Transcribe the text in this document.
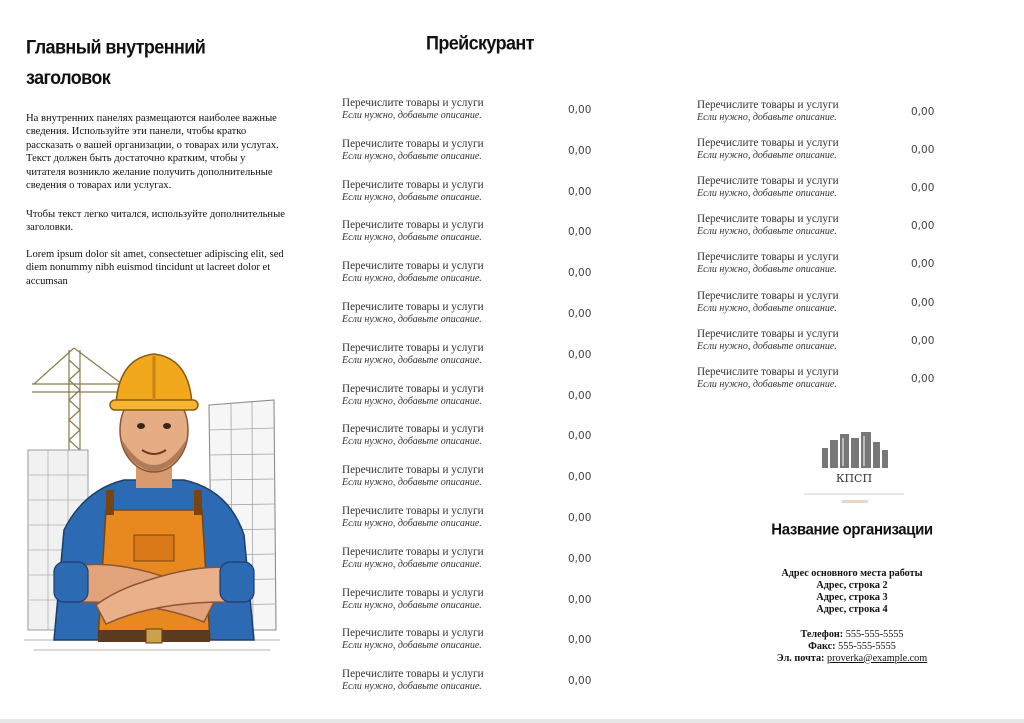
Главный внутренний заголовок
На внутренних панелях размещаются наиболее важные сведения. Используйте эти панели, чтобы кратко рассказать о вашей организации, о товарах или услугах. Текст должен быть достаточно кратким, чтобы у читателя возникло желание получить дополнительные сведения о товарах или услугах.
Чтобы текст легко читался, используйте дополнительные заголовки.
Lorem ipsum dolor sit amet, consectetuer adipiscing elit, sed diem nonummy nibh euismod tincidunt ut lacreet dolor et accumsan
Прейскурант
Перечислите товары и услуги
Если нужно, добавьте описание.	0,00
Перечислите товары и услуги
Если нужно, добавьте описание.	0,00
Перечислите товары и услуги
Если нужно, добавьте описание.	0,00
Перечислите товары и услуги
Если нужно, добавьте описание.	0,00
Перечислите товары и услуги
Если нужно, добавьте описание.	0,00
Перечислите товары и услуги
Если нужно, добавьте описание.	0,00
Перечислите товары и услуги
Если нужно, добавьте описание.	0,00
Перечислите товары и услуги
Если нужно, добавьте описание.	0,00
Перечислите товары и услуги
Если нужно, добавьте описание.	0,00
Перечислите товары и услуги
Если нужно, добавьте описание.	0,00
Перечислите товары и услуги
Если нужно, добавьте описание.	0,00
Перечислите товары и услуги
Если нужно, добавьте описание.	0,00
Перечислите товары и услуги
Если нужно, добавьте описание.	0,00
Перечислите товары и услуги
Если нужно, добавьте описание.	0,00
Перечислите товары и услуги
Если нужно, добавьте описание.	0,00
Перечислите товары и услуги
Если нужно, добавьте описание.	0,00
Перечислите товары и услуги
Если нужно, добавьте описание.	0,00
Перечислите товары и услуги
Если нужно, добавьте описание.	0,00
Перечислите товары и услуги
Если нужно, добавьте описание.	0,00
Перечислите товары и услуги
Если нужно, добавьте описание.	0,00
Перечислите товары и услуги
Если нужно, добавьте описание.	0,00
Перечислите товары и услуги
Если нужно, добавьте описание.	0,00
Перечислите товары и услуги
Если нужно, добавьте описание.	0,00
КПСП
Название организации
Адрес основного места работы
Адрес, строка 2
Адрес, строка 3
Адрес, строка 4
Телефон: 555-555-5555
Факс: 555-555-5555
Эл. почта: proverka@example.com
